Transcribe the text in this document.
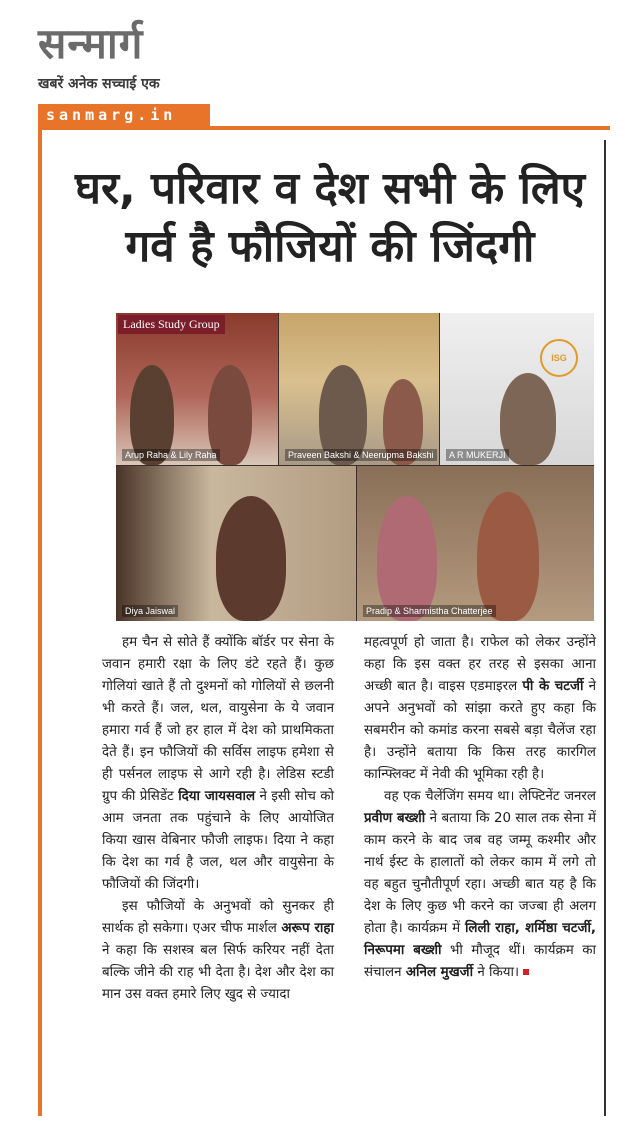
सन्मार्ग
खबरें अनेक सच्चाई एक
sanmarg.in
घर, परिवार व देश सभी के लिए
गर्व है फौजियों की जिंदगी
Arup Raha & Lily Raha
Ladies Study Group
Praveen Bakshi & Neerupma Bakshi
ISG
A R MUKERJI
Diya Jaiswal	Pradip & Sharmistha Chatterjee

हम चैन से सोते हैं क्योंकि बॉर्डर पर सेना के जवान हमारी रक्षा के लिए डंटे रहते हैं। कुछ गोलियां खाते हैं तो दुश्मनों को गोलियों से छलनी भी करते हैं। जल, थल, वायुसेना के ये जवान हमारा गर्व हैं जो हर हाल में देश को प्राथमिकता देते हैं। इन फौजियों की सर्विस लाइफ हमेशा से ही पर्सनल लाइफ से आगे रही है। लेडिस स्टडी ग्रुप की प्रेसिडेंट दिया जायसवाल ने इसी सोच को आम जनता तक पहुंचाने के लिए आयोजित किया खास वेबिनार फौजी लाइफ। दिया ने कहा कि देश का गर्व है जल, थल और वायुसेना के फौजियों की जिंदगी।

इस फौजियों के अनुभवों को सुनकर ही सार्थक हो सकेगा। एअर चीफ मार्शल अरूप राहा ने कहा कि सशस्त्र बल सिर्फ करियर नहीं देता बल्कि जीने की राह भी देता है। देश और देश का मान उस वक्त हमारे लिए खुद से ज्यादा

महत्वपूर्ण हो जाता है। राफेल को लेकर उन्होंने कहा कि इस वक्त हर तरह से इसका आना अच्छी बात है। वाइस एडमाइरल पी के चटर्जी ने अपने अनुभवों को सांझा करते हुए कहा कि सबमरीन को कमांड करना सबसे बड़ा चैलेंज रहा है। उन्होंने बताया कि किस तरह कारगिल कान्फ्लिक्ट में नेवी की भूमिका रही है।

वह एक चैलेंजिंग समय था। लेफ्टिनेंट जनरल प्रवीण बख्शी ने बताया कि 20 साल तक सेना में काम करने के बाद जब वह जम्मू कश्मीर और नार्थ ईस्ट के हालातों को लेकर काम में लगे तो वह बहुत चुनौतीपूर्ण रहा। अच्छी बात यह है कि देश के लिए कुछ भी करने का जज्बा ही अलग होता है। कार्यक्रम में लिली राहा, शर्मिष्ठा चटर्जी, निरूपमा बख्शी भी मौजूद थीं। कार्यक्रम का संचालन अनिल मुखर्जी ने किया।
